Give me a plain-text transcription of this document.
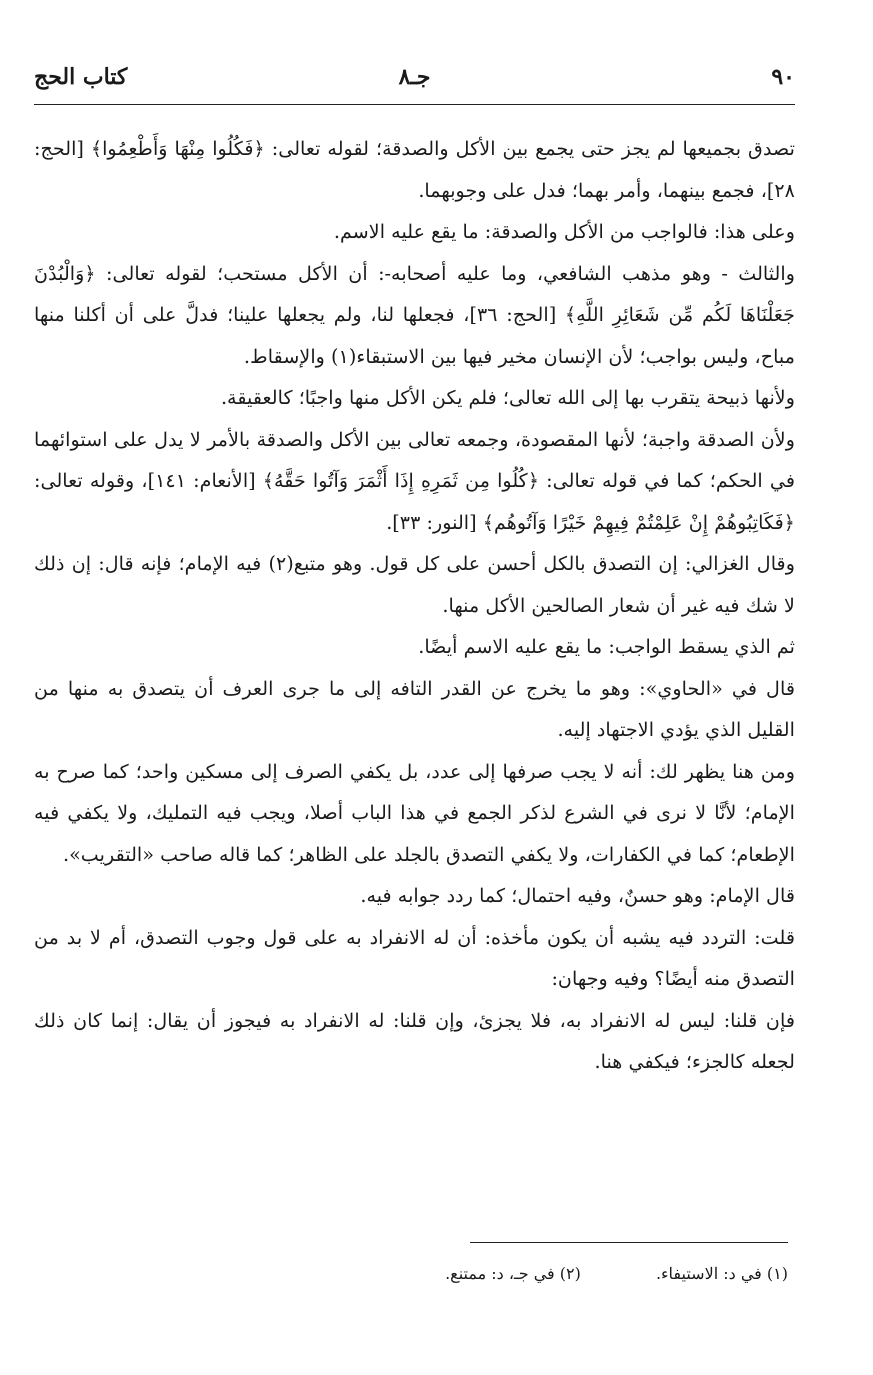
٩٠
جـ٨
كتاب الحج

تصدق بجميعها لم يجز حتى يجمع بين الأكل والصدقة؛ لقوله تعالى: ﴿فَكُلُوا مِنْهَا وَأَطْعِمُوا﴾ [الحج: ٢٨]، فجمع بينهما، وأمر بهما؛ فدل على وجوبهما.

وعلى هذا: فالواجب من الأكل والصدقة: ما يقع عليه الاسم.

والثالث - وهو مذهب الشافعي، وما عليه أصحابه-: أن الأكل مستحب؛ لقوله تعالى: ﴿وَالْبُدْنَ جَعَلْنَاهَا لَكُم مِّن شَعَائِرِ اللَّهِ﴾ [الحج: ٣٦]، فجعلها لنا، ولم يجعلها علينا؛ فدلَّ على أن أكلنا منها مباح، وليس بواجب؛ لأن الإنسان مخير فيها بين الاستبقاء(١) والإسقاط.

ولأنها ذبيحة يتقرب بها إلى الله تعالى؛ فلم يكن الأكل منها واجبًا؛ كالعقيقة.

ولأن الصدقة واجبة؛ لأنها المقصودة، وجمعه تعالى بين الأكل والصدقة بالأمر لا يدل على استوائهما في الحكم؛ كما في قوله تعالى: ﴿كُلُوا مِن ثَمَرِهِ إِذَا أَثْمَرَ وَآتُوا حَقَّهُ﴾ [الأنعام: ١٤١]، وقوله تعالى: ﴿فَكَاتِبُوهُمْ إِنْ عَلِمْتُمْ فِيهِمْ خَيْرًا وَآتُوهُم﴾ [النور: ٣٣].

وقال الغزالي: إن التصدق بالكل أحسن على كل قول. وهو متبع(٢) فيه الإمام؛ فإنه قال: إن ذلك لا شك فيه غير أن شعار الصالحين الأكل منها.

ثم الذي يسقط الواجب: ما يقع عليه الاسم أيضًا.

قال في «الحاوي»: وهو ما يخرج عن القدر التافه إلى ما جرى العرف أن يتصدق به منها من القليل الذي يؤدي الاجتهاد إليه.

ومن هنا يظهر لك: أنه لا يجب صرفها إلى عدد، بل يكفي الصرف إلى مسكين واحد؛ كما صرح به الإمام؛ لأنَّا لا نرى في الشرع لذكر الجمع في هذا الباب أصلا، ويجب فيه التمليك، ولا يكفي فيه الإطعام؛ كما في الكفارات، ولا يكفي التصدق بالجلد على الظاهر؛ كما قاله صاحب «التقريب».

قال الإمام: وهو حسنٌ، وفيه احتمال؛ كما ردد جوابه فيه.

قلت: التردد فيه يشبه أن يكون مأخذه: أن له الانفراد به على قول وجوب التصدق، أم لا بد من التصدق منه أيضًا؟ وفيه وجهان:

فإن قلنا: ليس له الانفراد به، فلا يجزئ، وإن قلنا: له الانفراد به فيجوز أن يقال: إنما كان ذلك لجعله كالجزء؛ فيكفي هنا.

(١) في د: الاستيفاء. (٢) في جـ، د: ممتنع.
